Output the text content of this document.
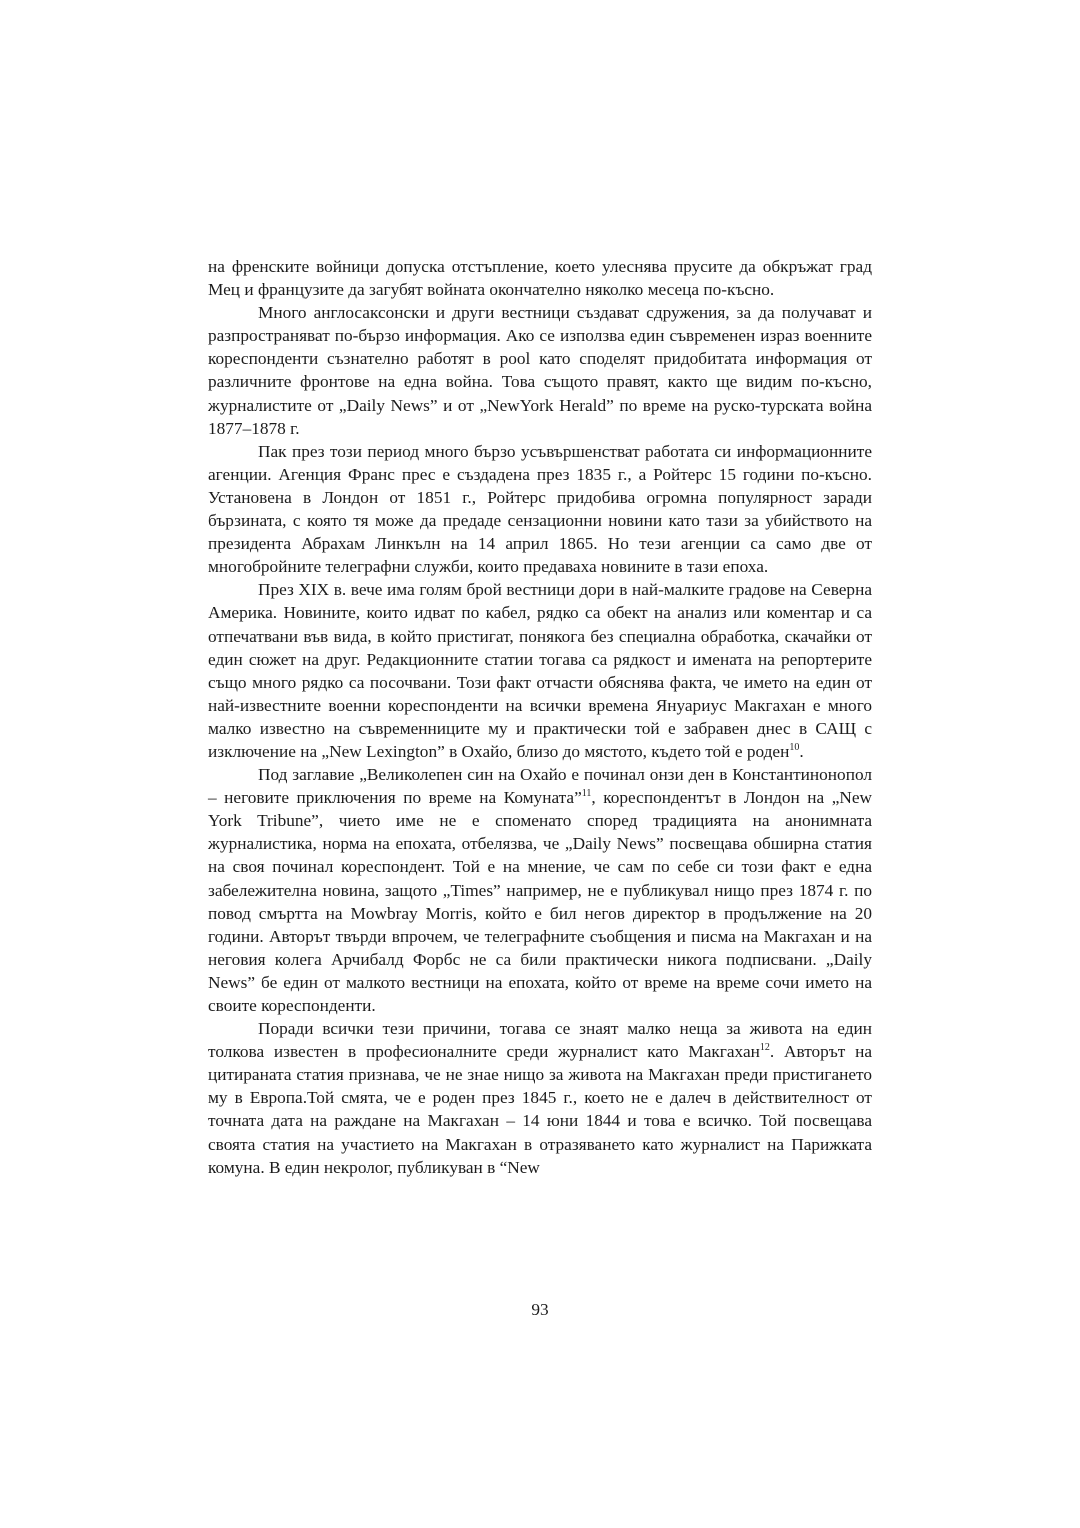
на френските войници допуска отстъпление, което улеснява прусите да обкръжат град Мец и французите да загубят войната окончателно няколко месеца по-късно.

Много англосаксонски и други вестници създават сдружения, за да получават и разпространяват по-бързо информация. Ако се използва един съвременен израз военните кореспонденти съзнателно работят в pool като споделят придобитата информация от различните фронтове на една война. Това същото правят, както ще видим по-късно, журналистите от „Daily News” и от „NewYork Herald” по време на руско-турската война 1877–1878 г.

Пак през този период много бързо усъвършенстват работата си информационните агенции. Агенция Франс прес е създадена през 1835 г., а Ройтерс 15 години по-късно. Установена в Лондон от 1851 г., Ройтерс придобива огромна популярност заради бързината, с която тя може да предаде сензационни новини като тази за убийството на президента Абрахам Линкълн на 14 април 1865. Но тези агенции са само две от многобройните телеграфни служби, които предаваха новините в тази епоха.

През XIX в. вече има голям брой вестници дори в най-малките градове на Северна Америка. Новините, които идват по кабел, рядко са обект на анализ или коментар и са отпечатвани във вида, в който пристигат, понякога без специална обработка, скачайки от един сюжет на друг. Редакционните статии тогава са рядкост и имената на репортерите също много рядко са посочвани. Този факт отчасти обяснява факта, че името на един от най-известните военни кореспонденти на всички времена Януариус Макгахан е много малко известно на съвременниците му и практически той е забравен днес в САЩ с изключение на „New Lexington” в Охайо, близо до мястото, където той е роден$^{10}$.

Под заглавие „Великолепен син на Охайо е починал онзи ден в Константинонопол – неговите приключения по време на Комуната”$^{11}$, кореспондентът в Лондон на „New York Tribune”, чието име не е споменато според традицията на анонимната журналистика, норма на епохата, отбелязва, че „Daily News” посвещава обширна статия на своя починал кореспондент. Той е на мнение, че сам по себе си този факт е една забележителна новина, защото „Times” например, не е публикувал нищо през 1874 г. по повод смъртта на Mowbray Morris, който е бил негов директор в продължение на 20 години. Авторът твърди впрочем, че телеграфните съобщения и писма на Макгахан и на неговия колега Арчибалд Форбс не са били практически никога подписвани. „Daily News” бе един от малкото вестници на епохата, който от време на време сочи името на своите кореспонденти.

Поради всички тези причини, тогава се знаят малко неща за живота на един толкова известен в професионалните среди журналист като Макгахан$^{12}$. Авторът на цитираната статия признава, че не знае нищо за живота на Макгахан преди пристигането му в Европа.Той смята, че е роден през 1845 г., което не е далеч в действителност от точната дата на раждане на Макгахан – 14 юни 1844 и това е всичко. Той посвещава своята статия на участието на Макгахан в отразяването като журналист на Парижката комуна. В един некролог, публикуван в “New

93
